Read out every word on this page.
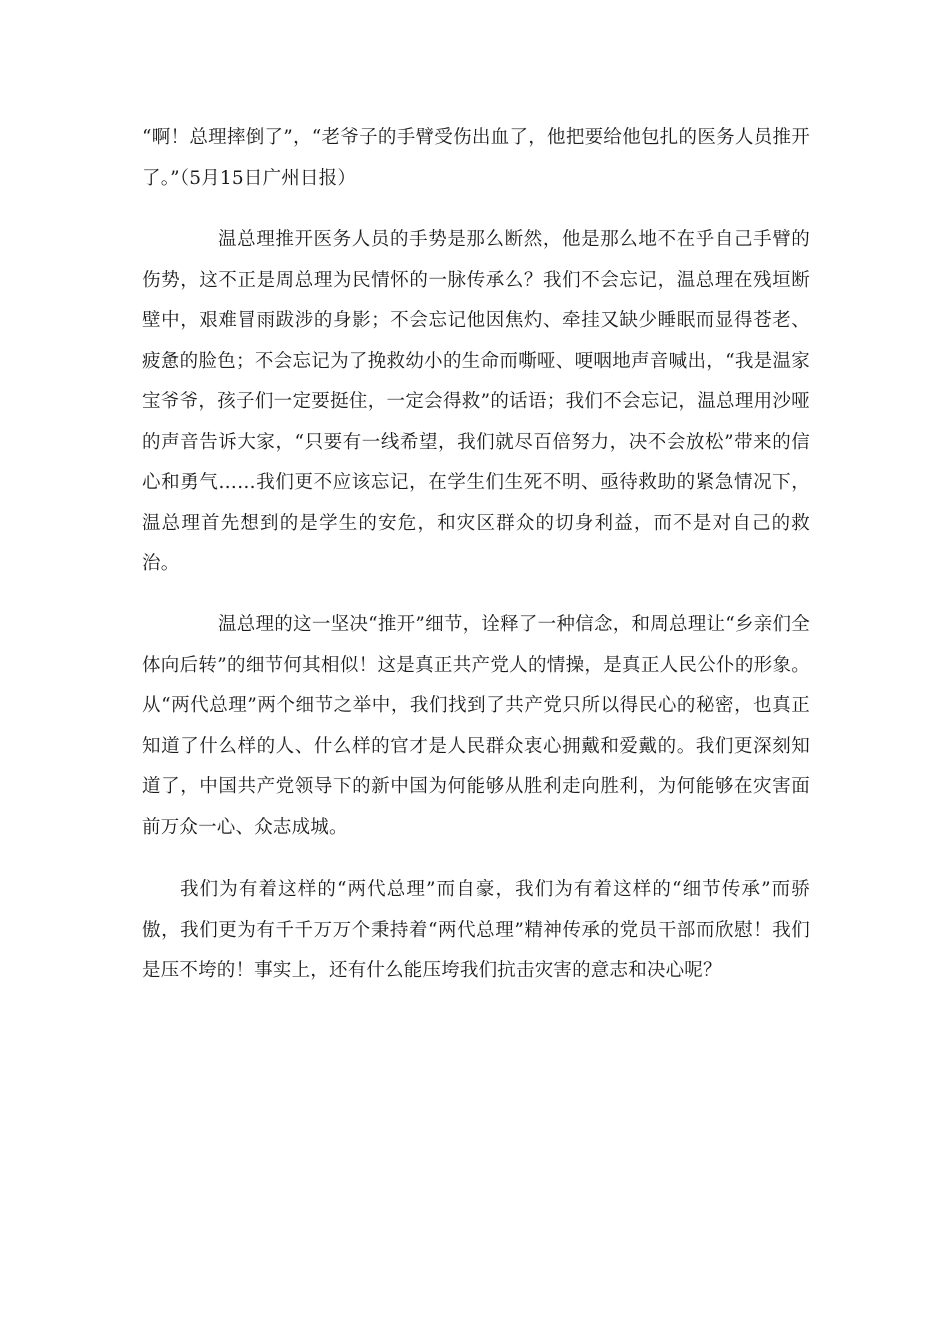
“啊！总理摔倒了”，“老爷子的手臂受伤出血了，他把要给他包扎的医务人员推开了。”（5月15日广州日报）

温总理推开医务人员的手势是那么断然，他是那么地不在乎自己手臂的伤势，这不正是周总理为民情怀的一脉传承么？我们不会忘记，温总理在残垣断壁中，艰难冒雨跋涉的身影；不会忘记他因焦灼、牵挂又缺少睡眠而显得苍老、疲惫的脸色；不会忘记为了挽救幼小的生命而嘶哑、哽咽地声音喊出，“我是温家宝爷爷，孩子们一定要挺住，一定会得救”的话语；我们不会忘记，温总理用沙哑的声音告诉大家，“只要有一线希望，我们就尽百倍努力，决不会放松”带来的信心和勇气……我们更不应该忘记，在学生们生死不明、亟待救助的紧急情况下，温总理首先想到的是学生的安危，和灾区群众的切身利益，而不是对自己的救治。

温总理的这一坚决“推开”细节，诠释了一种信念，和周总理让“乡亲们全体向后转”的细节何其相似！这是真正共产党人的情操，是真正人民公仆的形象。从“两代总理”两个细节之举中，我们找到了共产党只所以得民心的秘密，也真正知道了什么样的人、什么样的官才是人民群众衷心拥戴和爱戴的。我们更深刻知道了，中国共产党领导下的新中国为何能够从胜利走向胜利，为何能够在灾害面前万众一心、众志成城。

我们为有着这样的“两代总理”而自豪，我们为有着这样的“细节传承”而骄傲，我们更为有千千万万个秉持着“两代总理”精神传承的党员干部而欣慰！我们是压不垮的！事实上，还有什么能压垮我们抗击灾害的意志和决心呢？
